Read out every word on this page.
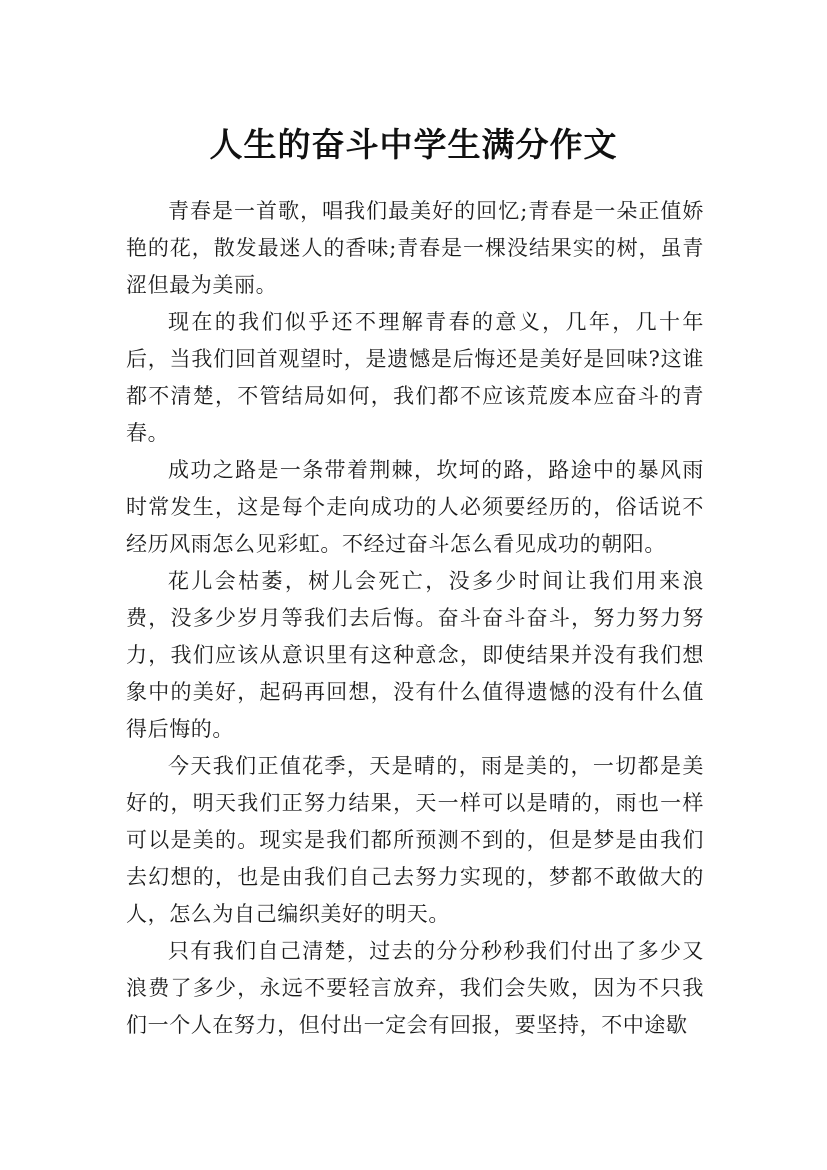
人生的奋斗中学生满分作文

青春是一首歌，唱我们最美好的回忆;青春是一朵正值娇艳的花，散发最迷人的香味;青春是一棵没结果实的树，虽青涩但最为美丽。

现在的我们似乎还不理解青春的意义，几年，几十年后，当我们回首观望时，是遗憾是后悔还是美好是回味?这谁都不清楚，不管结局如何，我们都不应该荒废本应奋斗的青春。

成功之路是一条带着荆棘，坎坷的路，路途中的暴风雨时常发生，这是每个走向成功的人必须要经历的，俗话说不经历风雨怎么见彩虹。不经过奋斗怎么看见成功的朝阳。

花儿会枯萎，树儿会死亡，没多少时间让我们用来浪费，没多少岁月等我们去后悔。奋斗奋斗奋斗，努力努力努力，我们应该从意识里有这种意念，即使结果并没有我们想象中的美好，起码再回想，没有什么值得遗憾的没有什么值得后悔的。

今天我们正值花季，天是晴的，雨是美的，一切都是美好的，明天我们正努力结果，天一样可以是晴的，雨也一样可以是美的。现实是我们都所预测不到的，但是梦是由我们去幻想的，也是由我们自己去努力实现的，梦都不敢做大的人，怎么为自己编织美好的明天。

只有我们自己清楚，过去的分分秒秒我们付出了多少又浪费了多少，永远不要轻言放弃，我们会失败，因为不只我们一个人在努力，但付出一定会有回报，要坚持，不中途歇
